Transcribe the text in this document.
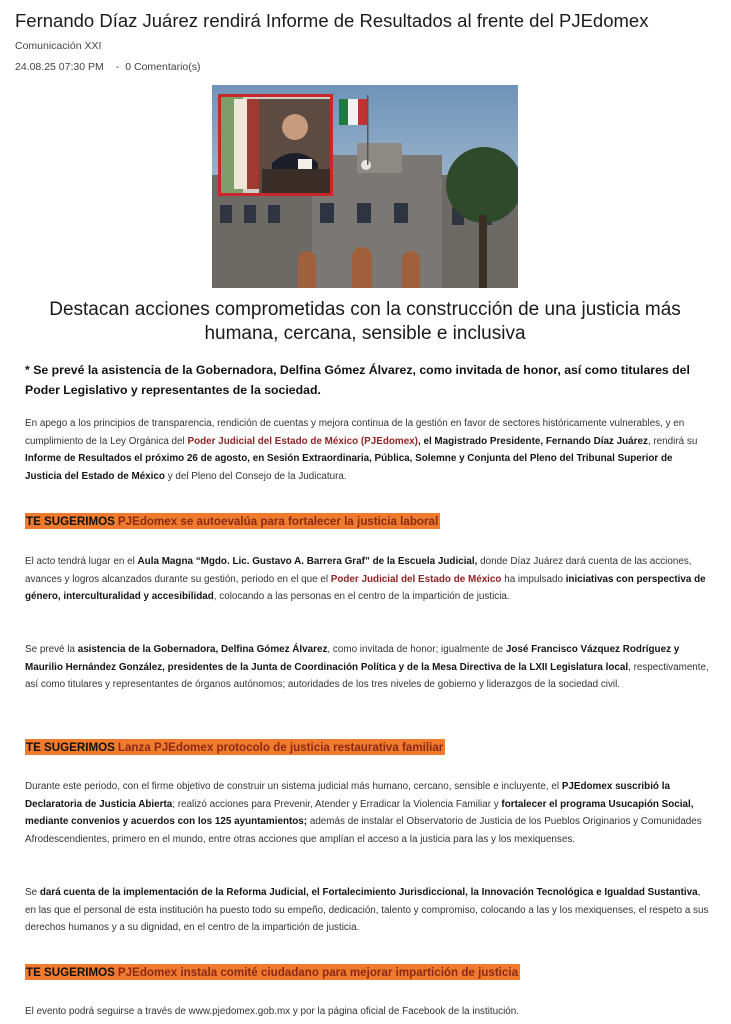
Fernando Díaz Juárez rendirá Informe de Resultados al frente del PJEdomex
Comunicación XXI
24.08.25 07:30 PM - 0 Comentario(s)
Destacan acciones comprometidas con la construcción de una justicia más humana, cercana, sensible e inclusiva
* Se prevé la asistencia de la Gobernadora, Delfina Gómez Álvarez, como invitada de honor, así como titulares del Poder Legislativo y representantes de la sociedad.

En apego a los principios de transparencia, rendición de cuentas y mejora continua de la gestión en favor de sectores históricamente vulnerables, y en cumplimiento de la Ley Orgánica del Poder Judicial del Estado de México (PJEdomex), el Magistrado Presidente, Fernando Díaz Juárez, rendirá su Informe de Resultados el próximo 26 de agosto, en Sesión Extraordinaria, Pública, Solemne y Conjunta del Pleno del Tribunal Superior de Justicia del Estado de México y del Pleno del Consejo de la Judicatura.

TE SUGERIMOS PJEdomex se autoevalúa para fortalecer la justicia laboral

El acto tendrá lugar en el Aula Magna “Mgdo. Lic. Gustavo A. Barrera Graf” de la Escuela Judicial, donde Díaz Juárez dará cuenta de las acciones, avances y logros alcanzados durante su gestión, periodo en el que el Poder Judicial del Estado de México ha impulsado iniciativas con perspectiva de género, interculturalidad y accesibilidad, colocando a las personas en el centro de la impartición de justicia.

Se prevé la asistencia de la Gobernadora, Delfina Gómez Álvarez, como invitada de honor; igualmente de José Francisco Vázquez Rodríguez y Maurilio Hernández González, presidentes de la Junta de Coordinación Política y de la Mesa Directiva de la LXII Legislatura local, respectivamente, así como titulares y representantes de órganos autónomos; autoridades de los tres niveles de gobierno y liderazgos de la sociedad civil.

TE SUGERIMOS Lanza PJEdomex protocolo de justicia restaurativa familiar

Durante este periodo, con el firme objetivo de construir un sistema judicial más humano, cercano, sensible e incluyente, el PJEdomex suscribió la Declaratoria de Justicia Abierta; realizó acciones para Prevenir, Atender y Erradicar la Violencia Familiar y fortalecer el programa Usucapión Social, mediante convenios y acuerdos con los 125 ayuntamientos; además de instalar el Observatorio de Justicia de los Pueblos Originarios y Comunidades Afrodescendientes, primero en el mundo, entre otras acciones que amplían el acceso a la justicia para las y los mexiquenses.

Se dará cuenta de la implementación de la Reforma Judicial, el Fortalecimiento Jurisdiccional, la Innovación Tecnológica e Igualdad Sustantiva, en las que el personal de esta institución ha puesto todo su empeño, dedicación, talento y compromiso, colocando a las y los mexiquenses, el respeto a sus derechos humanos y a su dignidad, en el centro de la impartición de justicia.

TE SUGERIMOS PJEdomex instala comité ciudadano para mejorar impartición de justicia

El evento podrá seguirse a través de www.pjedomex.gob.mx y por la página oficial de Facebook de la institución.
